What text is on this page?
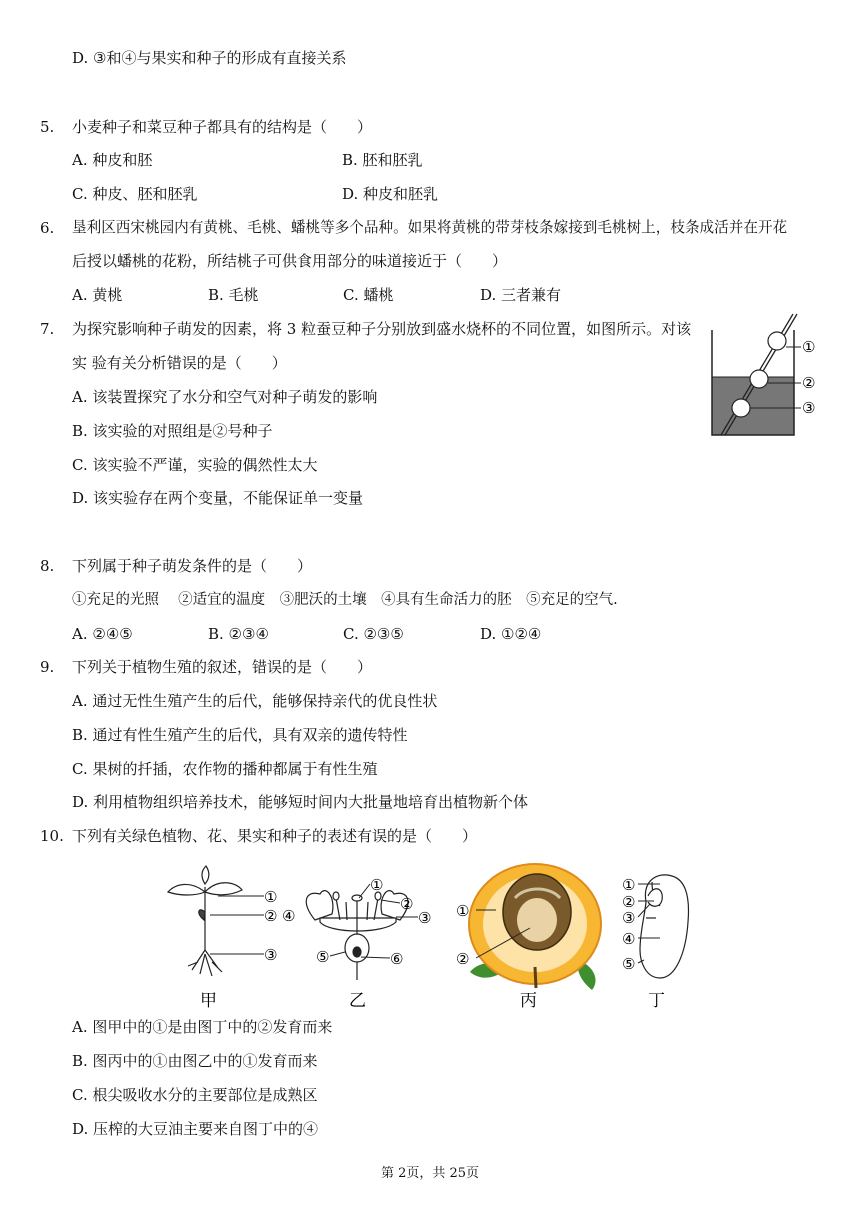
D. ③和④与果实和种子的形成有直接关系
5. 小麦种子和菜豆种子都具有的结构是（　　）
A. 种皮和胚	B. 胚和胚乳
C. 种皮、胚和胚乳	D. 种皮和胚乳
6. 垦利区西宋桃园内有黄桃、毛桃、蟠桃等多个品种。如果将黄桃的带芽枝条嫁接到毛桃树上，枝条成活并在开花
后授以蟠桃的花粉，所结桃子可供食用部分的味道接近于（　　）
A. 黄桃	B. 毛桃	C. 蟠桃	D. 三者兼有
7. 为探究影响种子萌发的因素，将 3 粒蚕豆种子分别放到盛水烧杯的不同位置，如图所示。对该
实 验有关分析错误的是（　　）
A. 该装置探究了水分和空气对种子萌发的影响
B. 该实验的对照组是②号种子
C. 该实验不严谨，实验的偶然性太大
D. 该实验存在两个变量，不能保证单一变量
①
②
③
8. 下列属于种子萌发条件的是（　　）
①充足的光照　 ②适宜的温度　③肥沃的土壤　④具有生命活力的胚　⑤充足的空气.
A. ②④⑤	B. ②③④	C. ②③⑤	D. ①②④
9. 下列关于植物生殖的叙述，错误的是（　　）
A. 通过无性生殖产生的后代，能够保持亲代的优良性状
B. 通过有性生殖产生的后代，具有双亲的遗传特性
C. 果树的扦插，农作物的播种都属于有性生殖
D. 利用植物组织培养技术，能够短时间内大批量地培育出植物新个体
10. 下列有关绿色植物、花、果实和种子的表述有误的是（　　）
①
② ④
③
甲
①
②
③
⑤	⑥
乙
①
②
丙
①
②
③
④
⑤
丁
A. 图甲中的①是由图丁中的②发育而来
B. 图丙中的①由图乙中的①发育而来
C. 根尖吸收水分的主要部位是成熟区
D. 压榨的大豆油主要来自图丁中的④
第 2页，共 25页
